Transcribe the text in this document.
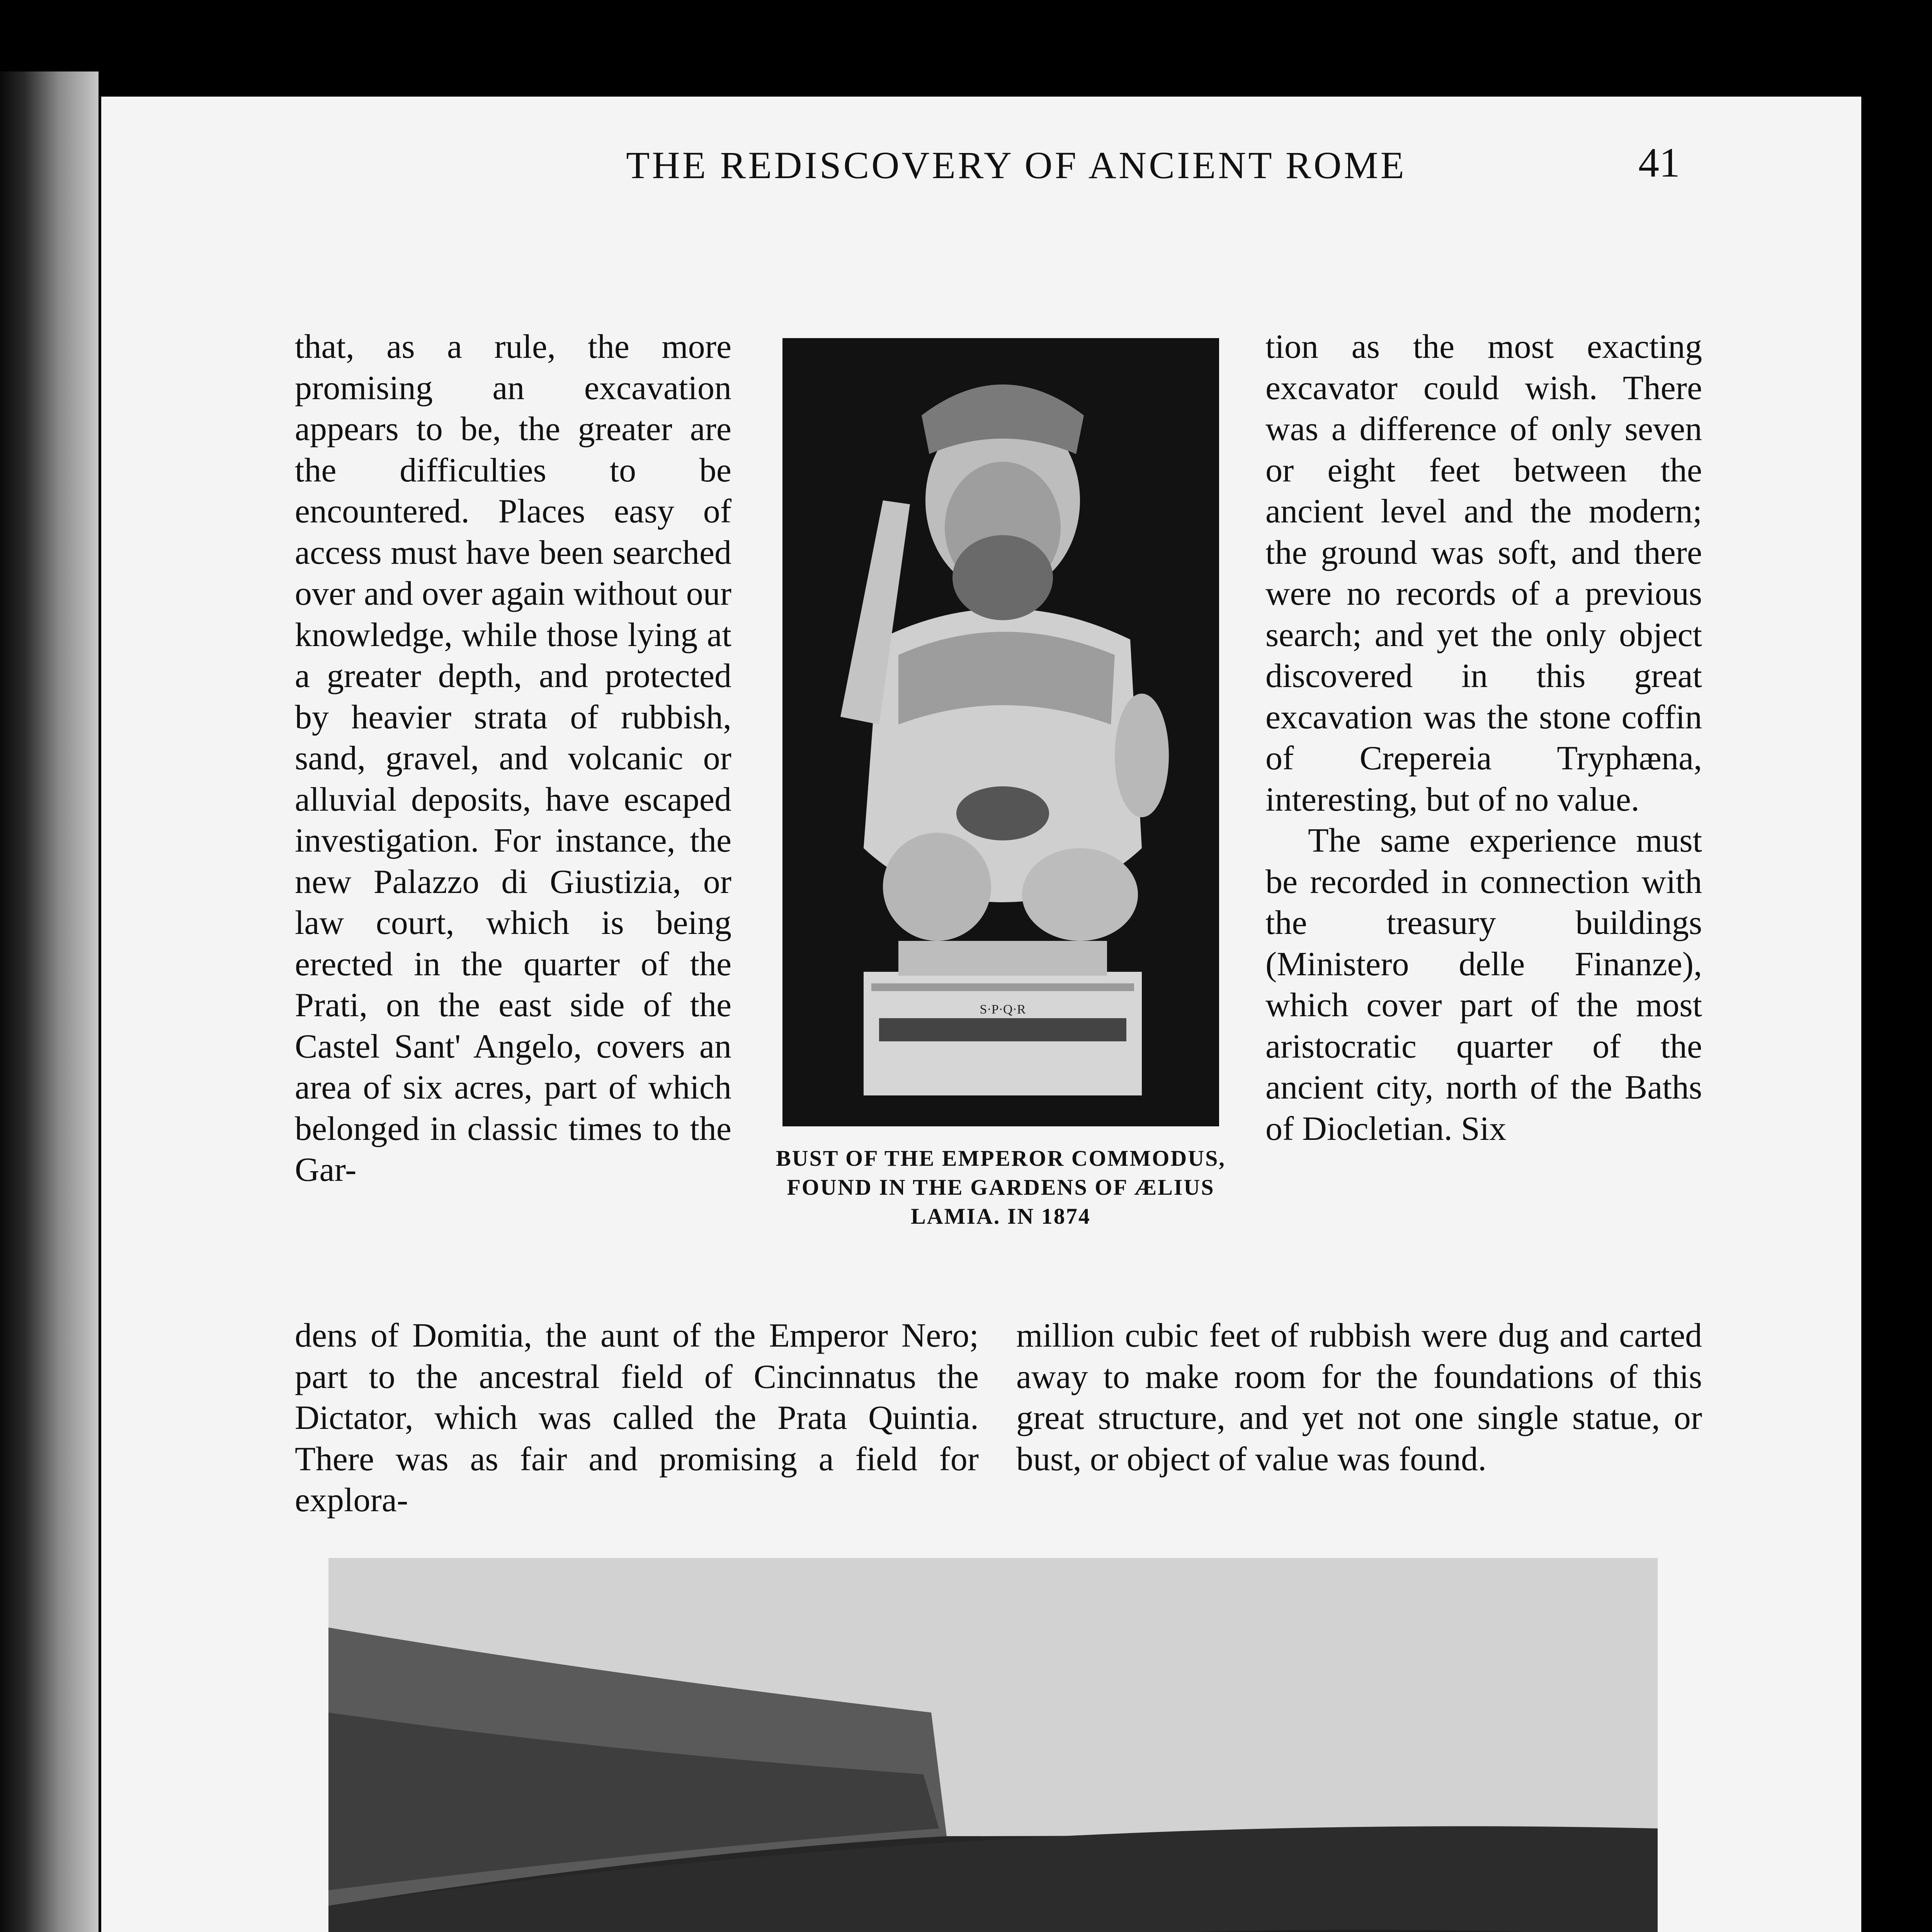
THE REDISCOVERY OF ANCIENT ROME	41

that, as a rule, the more promising an excavation appears to be, the greater are the difficulties to be encountered. Places easy of access must have been searched over and over again without our knowledge, while those lying at a greater depth, and protected by heavier strata of rubbish, sand, gravel, and volcanic or alluvial deposits, have escaped investigation. For instance, the new Palazzo di Giustizia, or law court, which is being erected in the quarter of the Prati, on the east side of the Castel Sant' Angelo, covers an area of six acres, part of which belonged in classic times to the Gar-

S·P·Q·R
BUST OF THE EMPEROR COMMODUS, FOUND IN THE GARDENS OF ÆLIUS LAMIA. IN 1874

tion as the most exacting excavator could wish. There was a difference of only seven or eight feet between the ancient level and the modern; the ground was soft, and there were no records of a previous search; and yet the only object discovered in this great excavation was the stone coffin of Crepereia Tryphæna, interesting, but of no value.

The same experience must be recorded in connection with the treasury buildings (Ministero delle Finanze), which cover part of the most aristocratic quarter of the ancient city, north of the Baths of Diocletian. Six

dens of Domitia, the aunt of the Emperor Nero; part to the ancestral field of Cincinnatus the Dictator, which was called the Prata Quintia. There was as fair and promising a field for explora-

million cubic feet of rubbish were dug and carted away to make room for the foundations of this great structure, and yet not one single statue, or bust, or object of value was found.
